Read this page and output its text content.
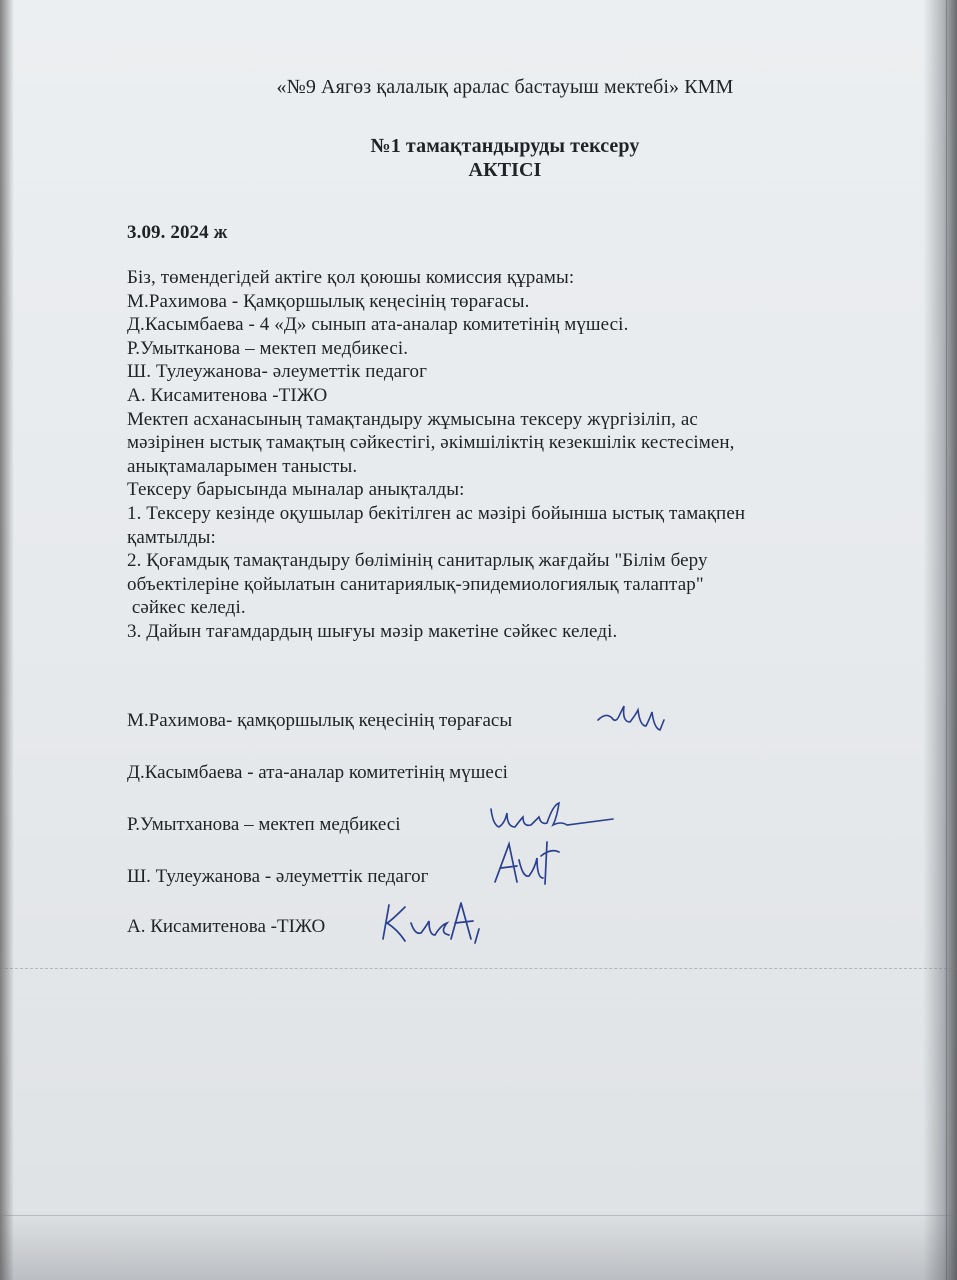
«№9 Аягөз қалалық аралас бастауыш мектебі» КММ
№1 тамақтандыруды тексеру
АКТІСІ
3.09. 2024 ж
Біз, төмендегідей актіге қол қоюшы комиссия құрамы:
М.Рахимова - Қамқоршылық кеңесінің төрағасы.
Д.Касымбаева - 4 «Д» сынып ата-аналар комитетінің мүшесі.
Р.Умытканова – мектеп медбикесі.
Ш. Тулеужанова- әлеуметтік педагог
А. Кисамитенова -ТІЖО
Мектеп асханасының тамақтандыру жұмысына тексеру жүргізіліп, ас
мәзірінен ыстық тамақтың сәйкестігі, әкімшіліктің кезекшілік кестесімен,
анықтамаларымен танысты.
Тексеру барысында мыналар анықталды:
1. Тексеру кезінде оқушылар бекітілген ас мәзірі бойынша ыстық тамақпен
қамтылды:
2. Қоғамдық тамақтандыру бөлімінің санитарлық жағдайы "Білім беру
объектілеріне қойылатын санитариялық-эпидемиологиялық талаптар"
сәйкес келеді.
3. Дайын тағамдардың шығуы мәзір макетіне сәйкес келеді.
М.Рахимова- қамқоршылық кеңесінің төрағасы
Д.Касымбаева - ата-аналар комитетінің мүшесі
Р.Умытханова – мектеп медбикесі
Ш. Тулеужанова - әлеуметтік педагог
А. Кисамитенова -ТІЖО
